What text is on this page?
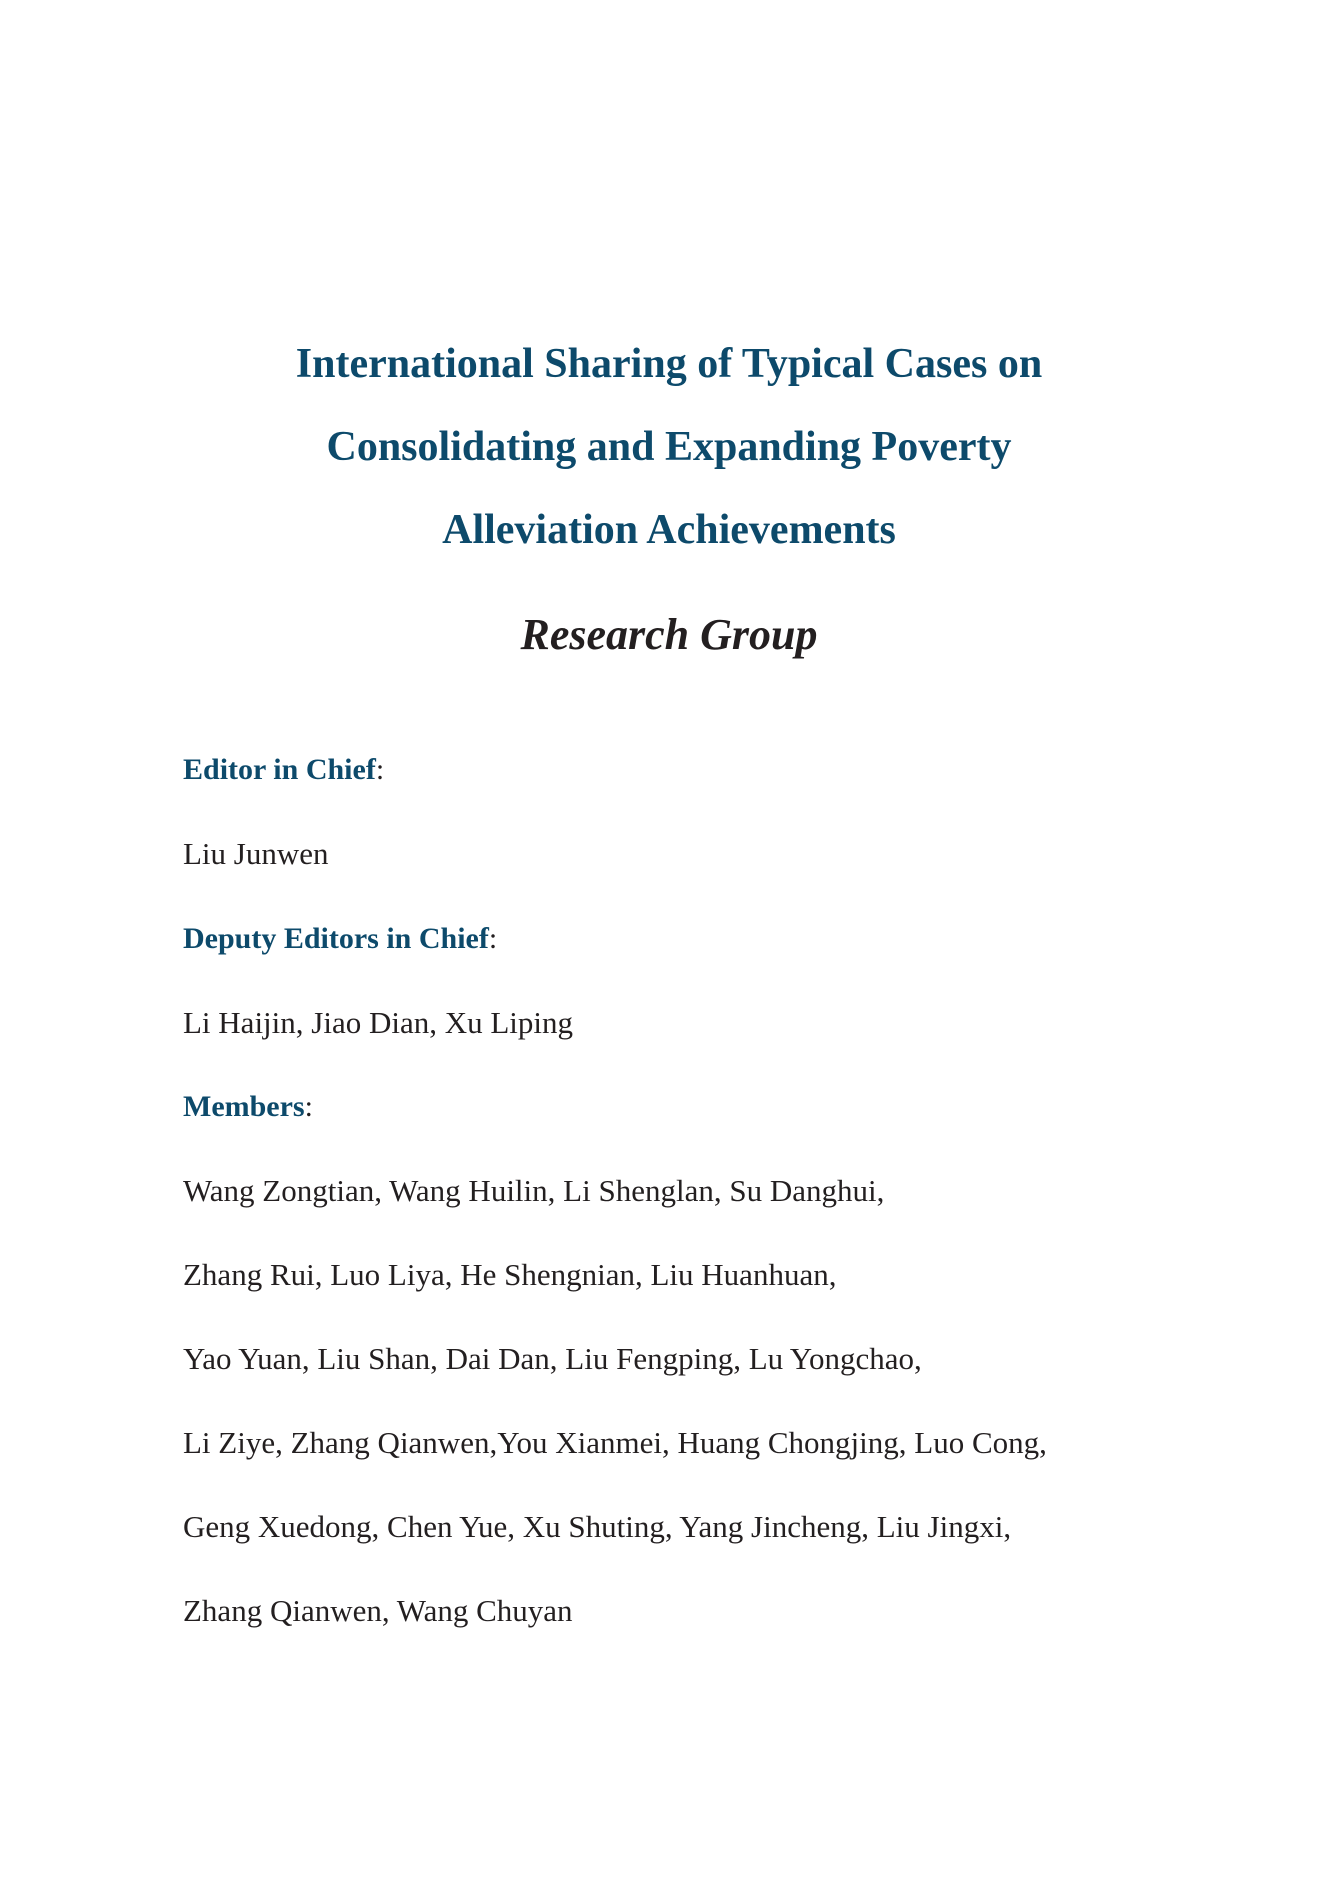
International Sharing of Typical Cases on
Consolidating and Expanding Poverty
Alleviation Achievements
Research Group

Editor in Chief:

Liu Junwen

Deputy Editors in Chief:

Li Haijin, Jiao Dian, Xu Liping

Members:

Wang Zongtian, Wang Huilin, Li Shenglan, Su Danghui,

Zhang Rui, Luo Liya, He Shengnian, Liu Huanhuan,

Yao Yuan, Liu Shan, Dai Dan, Liu Fengping, Lu Yongchao,

Li Ziye, Zhang Qianwen,You Xianmei, Huang Chongjing, Luo Cong,

Geng Xuedong, Chen Yue, Xu Shuting, Yang Jincheng, Liu Jingxi,

Zhang Qianwen, Wang Chuyan
